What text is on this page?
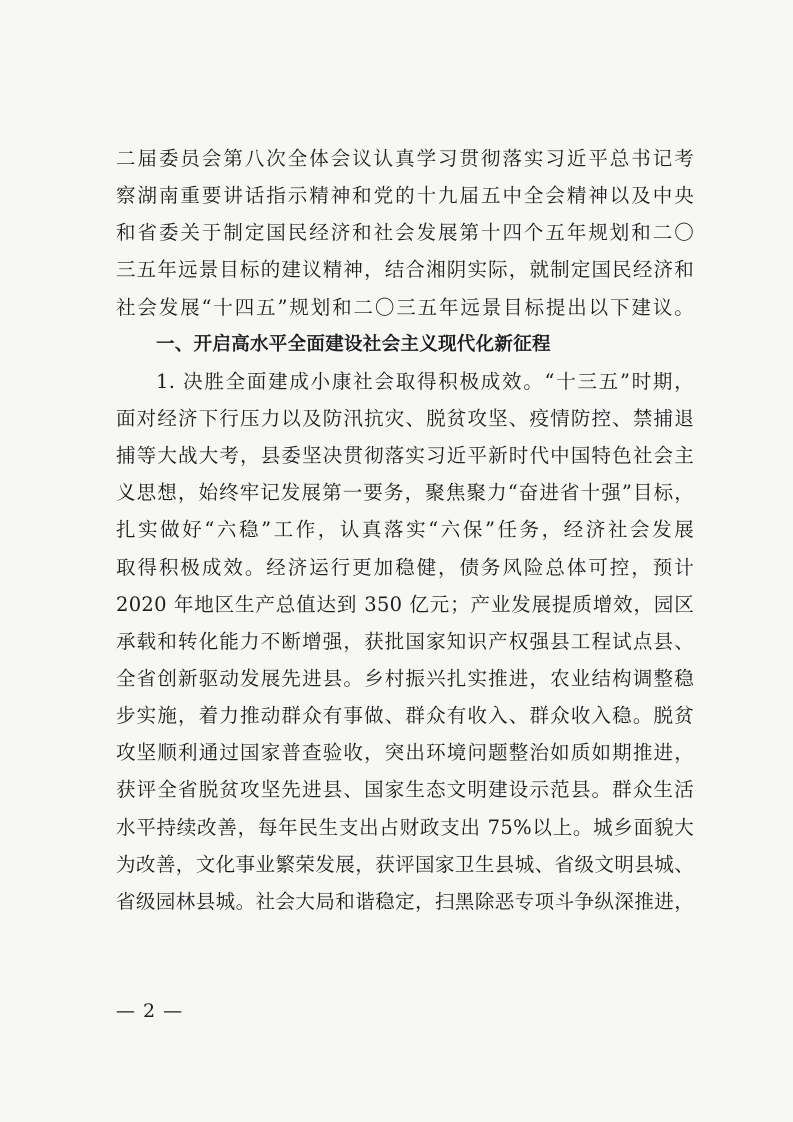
二届委员会第八次全体会议认真学习贯彻落实习近平总书记考
察湖南重要讲话指示精神和党的十九届五中全会精神以及中央
和省委关于制定国民经济和社会发展第十四个五年规划和二〇
三五年远景目标的建议精神，结合湘阴实际，就制定国民经济和
社会发展“十四五”规划和二〇三五年远景目标提出以下建议。
一、开启高水平全面建设社会主义现代化新征程
1. 决胜全面建成小康社会取得积极成效。“十三五”时期，
面对经济下行压力以及防汛抗灾、脱贫攻坚、疫情防控、禁捕退
捕等大战大考，县委坚决贯彻落实习近平新时代中国特色社会主
义思想，始终牢记发展第一要务，聚焦聚力“奋进省十强”目标，
扎实做好“六稳”工作，认真落实“六保”任务，经济社会发展
取得积极成效。经济运行更加稳健，债务风险总体可控，预计
2020 年地区生产总值达到 350 亿元；产业发展提质增效，园区
承载和转化能力不断增强，获批国家知识产权强县工程试点县、
全省创新驱动发展先进县。乡村振兴扎实推进，农业结构调整稳
步实施，着力推动群众有事做、群众有收入、群众收入稳。脱贫
攻坚顺利通过国家普查验收，突出环境问题整治如质如期推进，
获评全省脱贫攻坚先进县、国家生态文明建设示范县。群众生活
水平持续改善，每年民生支出占财政支出 75%以上。城乡面貌大
为改善，文化事业繁荣发展，获评国家卫生县城、省级文明县城、
省级园林县城。社会大局和谐稳定，扫黑除恶专项斗争纵深推进，
— 2 —
